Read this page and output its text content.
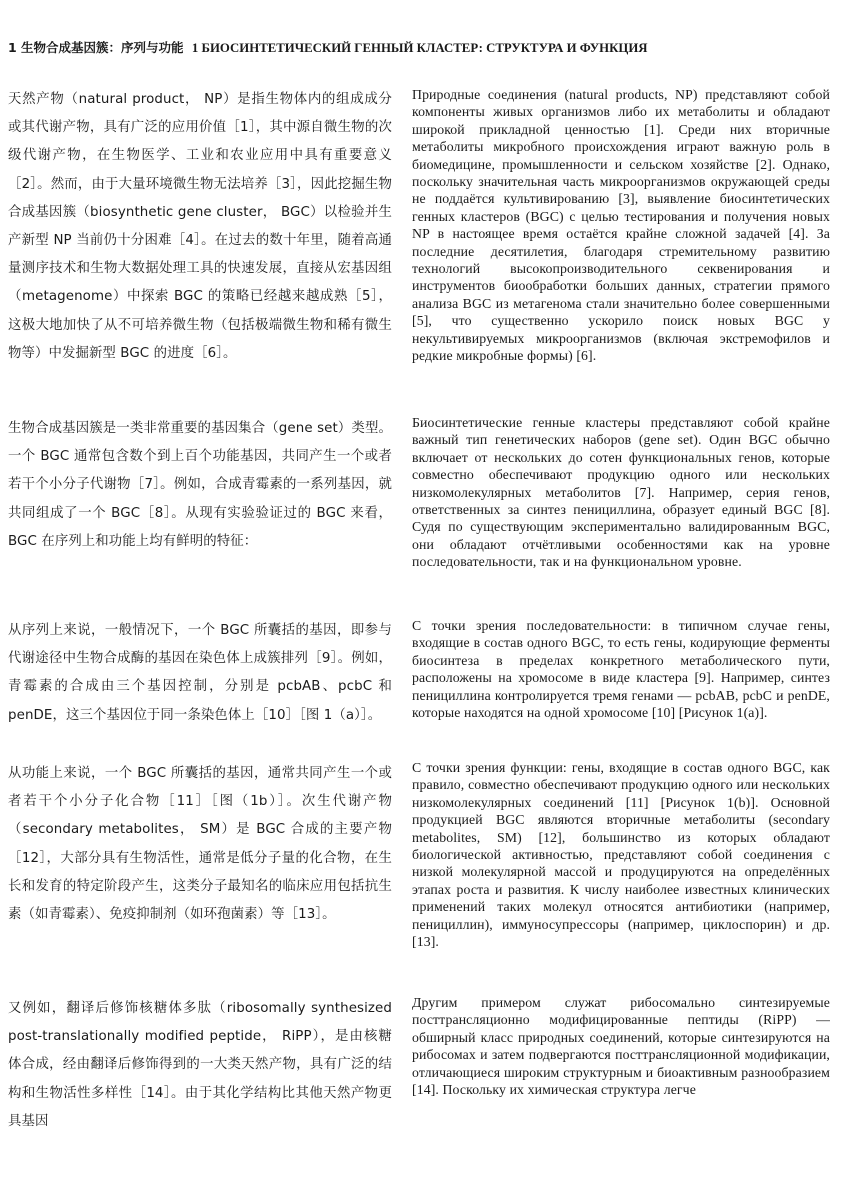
1 生物合成基因簇：序列与功能 1 БИОСИНТЕТИЧЕСКИЙ ГЕННЫЙ КЛАСТЕР: СТРУКТУРА И ФУНКЦИЯ
天然产物（natural product， NP）是指生物体内的组成成分或其代谢产物，具有广泛的应用价值［1］，其中源自微生物的次级代谢产物，在生物医学、工业和农业应用中具有重要意义［2］。然而，由于大量环境微生物无法培养［3］，因此挖掘生物合成基因簇（biosynthetic gene cluster， BGC）以检验并生产新型 NP 当前仍十分困难［4］。在过去的数十年里，随着高通量测序技术和生物大数据处理工具的快速发展，直接从宏基因组（metagenome）中探索 BGC 的策略已经越来越成熟［5］，这极大地加快了从不可培养微生物（包括极端微生物和稀有微生物等）中发掘新型 BGC 的进度［6］。
Природные соединения (natural products, NP) представляют собой компоненты живых организмов либо их метаболиты и обладают широкой прикладной ценностью [1]. Среди них вторичные метаболиты микробного происхождения играют важную роль в биомедицине, промышленности и сельском хозяйстве [2]. Однако, поскольку значительная часть микроорганизмов окружающей среды не поддаётся культивированию [3], выявление биосинтетических генных кластеров (BGC) с целью тестирования и получения новых NP в настоящее время остаётся крайне сложной задачей [4]. За последние десятилетия, благодаря стремительному развитию технологий высокопроизводительного секвенирования и инструментов биообработки больших данных, стратегии прямого анализа BGC из метагенома стали значительно более совершенными [5], что существенно ускорило поиск новых BGC у некультивируемых микроорганизмов (включая экстремофилов и редкие микробные формы) [6].
生物合成基因簇是一类非常重要的基因集合（gene set）类型。一个 BGC 通常包含数个到上百个功能基因，共同产生一个或者若干个小分子代谢物［7］。例如，合成青霉素的一系列基因，就共同组成了一个 BGC［8］。从现有实验验证过的 BGC 来看，BGC 在序列上和功能上均有鲜明的特征：
Биосинтетические генные кластеры представляют собой крайне важный тип генетических наборов (gene set). Один BGC обычно включает от нескольких до сотен функциональных генов, которые совместно обеспечивают продукцию одного или нескольких низкомолекулярных метаболитов [7]. Например, серия генов, ответственных за синтез пенициллина, образует единый BGC [8]. Судя по существующим экспериментально валидированным BGC, они обладают отчётливыми особенностями как на уровне последовательности, так и на функциональном уровне.
从序列上来说，一般情况下，一个 BGC 所囊括的基因，即参与代谢途径中生物合成酶的基因在染色体上成簇排列［9］。例如，青霉素的合成由三个基因控制，分别是 pcbAB、pcbC 和 penDE，这三个基因位于同一条染色体上［10］［图 1（a）］。
С точки зрения последовательности: в типичном случае гены, входящие в состав одного BGC, то есть гены, кодирующие ферменты биосинтеза в пределах конкретного метаболического пути, расположены на хромосоме в виде кластера [9]. Например, синтез пенициллина контролируется тремя генами — pcbAB, pcbC и penDE, которые находятся на одной хромосоме [10] [Рисунок 1(a)].
从功能上来说，一个 BGC 所囊括的基因，通常共同产生一个或者若干个小分子化合物［11］［图（1b）］。次生代谢产物（secondary metabolites， SM）是 BGC 合成的主要产物［12］，大部分具有生物活性，通常是低分子量的化合物，在生长和发育的特定阶段产生，这类分子最知名的临床应用包括抗生素（如青霉素）、免疫抑制剂（如环孢菌素）等［13］。
С точки зрения функции: гены, входящие в состав одного BGC, как правило, совместно обеспечивают продукцию одного или нескольких низкомолекулярных соединений [11] [Рисунок 1(b)]. Основной продукцией BGC являются вторичные метаболиты (secondary metabolites, SM) [12], большинство из которых обладают биологической активностью, представляют собой соединения с низкой молекулярной массой и продуцируются на определённых этапах роста и развития. К числу наиболее известных клинических применений таких молекул относятся антибиотики (например, пенициллин), иммуносупрессоры (например, циклоспорин) и др. [13].
又例如，翻译后修饰核糖体多肽（ribosomally synthesized post-translationally modified peptide， RiPP），是由核糖体合成，经由翻译后修饰得到的一大类天然产物，具有广泛的结构和生物活性多样性［14］。由于其化学结构比其他天然产物更具基因
Другим примером служат рибосомально синтезируемые посттрансляционно модифицированные пептиды (RiPP) — обширный класс природных соединений, которые синтезируются на рибосомах и затем подвергаются посттрансляционной модификации, отличающиеся широким структурным и биоактивным разнообразием [14]. Поскольку их химическая структура легче
